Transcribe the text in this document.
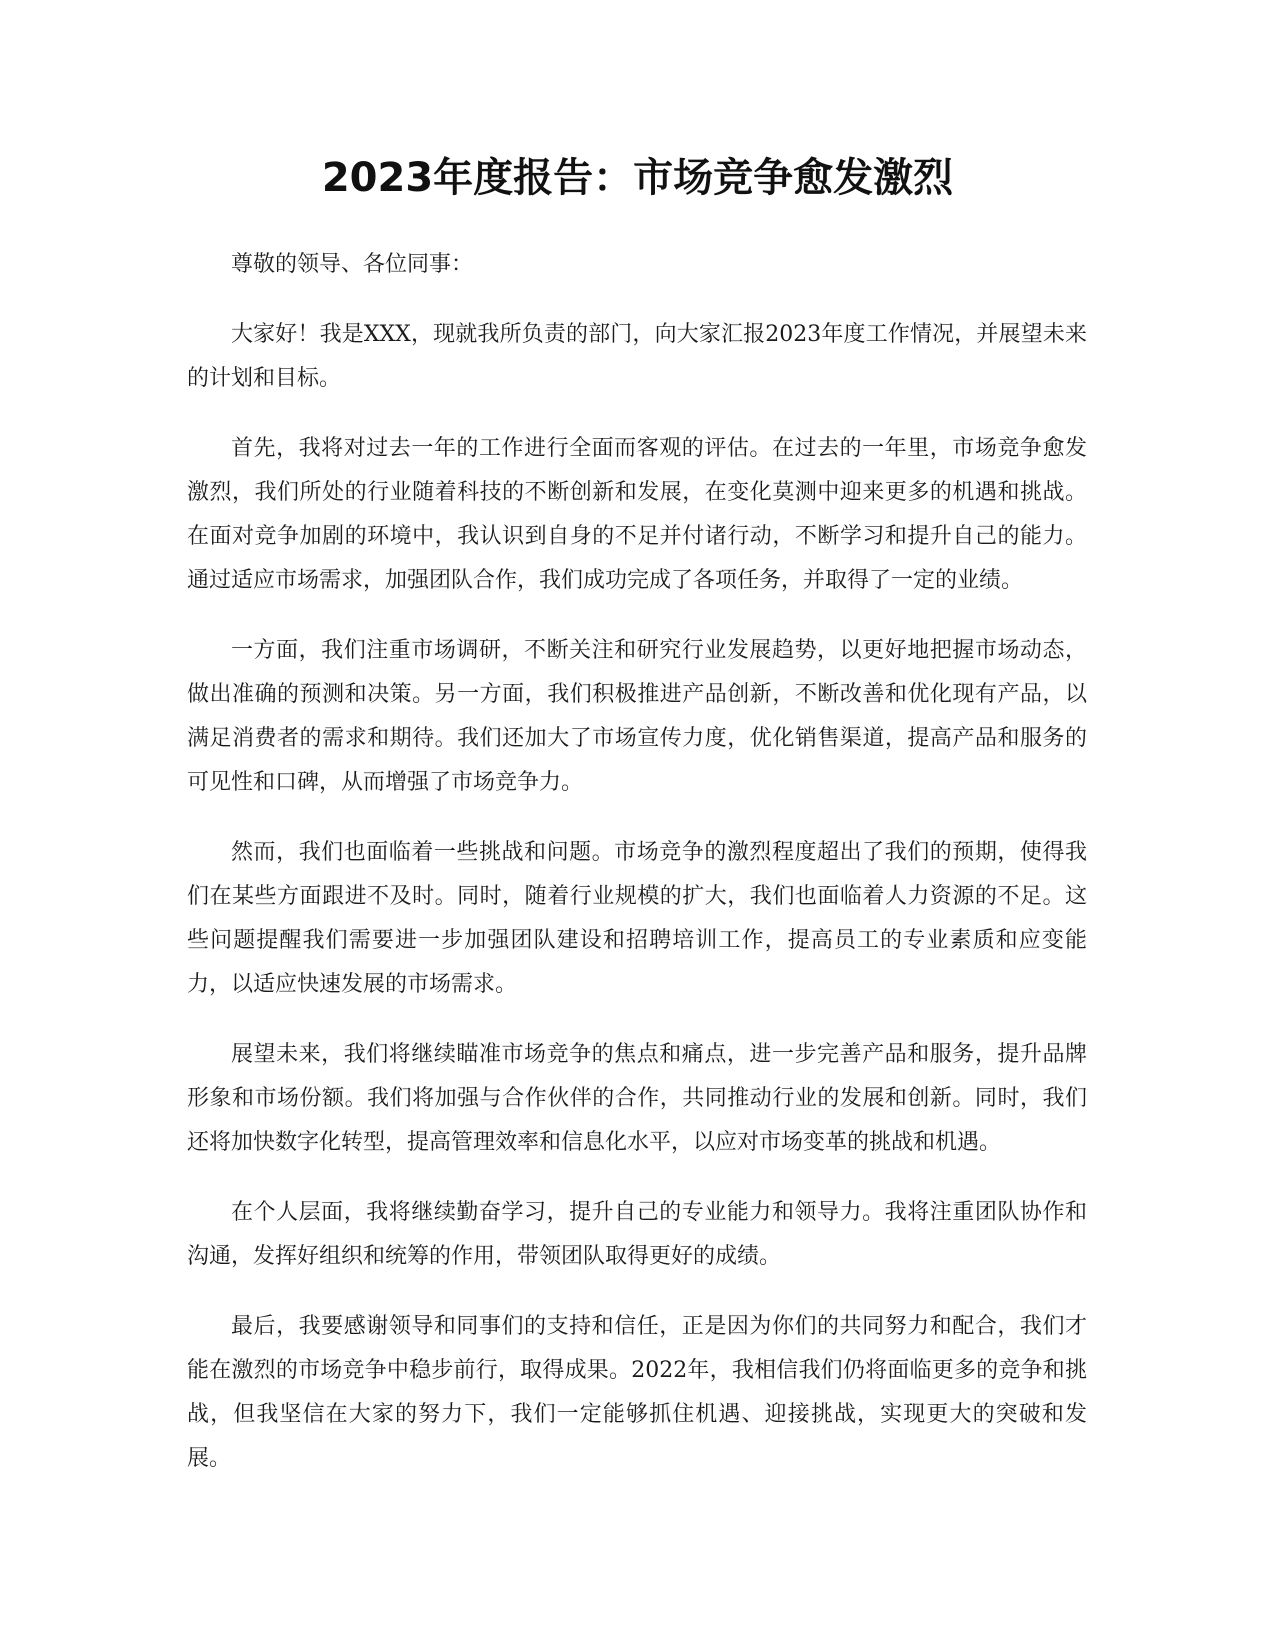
2023年度报告：市场竞争愈发激烈

尊敬的领导、各位同事：

大家好！我是XXX，现就我所负责的部门，向大家汇报2023年度工作情况，并展望未来的计划和目标。

首先，我将对过去一年的工作进行全面而客观的评估。在过去的一年里，市场竞争愈发激烈，我们所处的行业随着科技的不断创新和发展，在变化莫测中迎来更多的机遇和挑战。在面对竞争加剧的环境中，我认识到自身的不足并付诸行动，不断学习和提升自己的能力。通过适应市场需求，加强团队合作，我们成功完成了各项任务，并取得了一定的业绩。

一方面，我们注重市场调研，不断关注和研究行业发展趋势，以更好地把握市场动态，做出准确的预测和决策。另一方面，我们积极推进产品创新，不断改善和优化现有产品，以满足消费者的需求和期待。我们还加大了市场宣传力度，优化销售渠道，提高产品和服务的可见性和口碑，从而增强了市场竞争力。

然而，我们也面临着一些挑战和问题。市场竞争的激烈程度超出了我们的预期，使得我们在某些方面跟进不及时。同时，随着行业规模的扩大，我们也面临着人力资源的不足。这些问题提醒我们需要进一步加强团队建设和招聘培训工作，提高员工的专业素质和应变能力，以适应快速发展的市场需求。

展望未来，我们将继续瞄准市场竞争的焦点和痛点，进一步完善产品和服务，提升品牌形象和市场份额。我们将加强与合作伙伴的合作，共同推动行业的发展和创新。同时，我们还将加快数字化转型，提高管理效率和信息化水平，以应对市场变革的挑战和机遇。

在个人层面，我将继续勤奋学习，提升自己的专业能力和领导力。我将注重团队协作和沟通，发挥好组织和统筹的作用，带领团队取得更好的成绩。

最后，我要感谢领导和同事们的支持和信任，正是因为你们的共同努力和配合，我们才能在激烈的市场竞争中稳步前行，取得成果。2022年，我相信我们仍将面临更多的竞争和挑战，但我坚信在大家的努力下，我们一定能够抓住机遇、迎接挑战，实现更大的突破和发展。
